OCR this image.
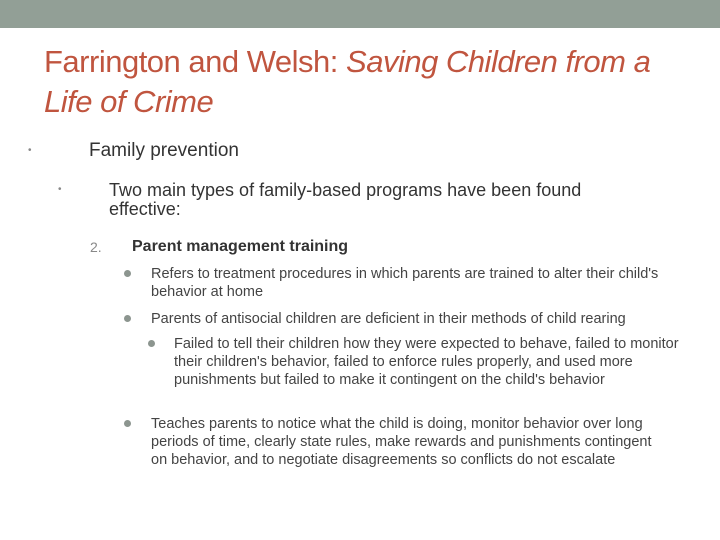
Farrington and Welsh: Saving Children from a Life of Crime
•	Family prevention
•	Two main types of family-based programs have been found effective:
2. Parent management training
Refers to treatment procedures in which parents are trained to alter their child's behavior at home
Parents of antisocial children are deficient in their methods of child rearing
Failed to tell their children how they were expected to behave, failed to monitor their children's behavior, failed to enforce rules properly, and used more punishments but failed to make it contingent on the child's behavior
Teaches parents to notice what the child is doing, monitor behavior over long periods of time, clearly state rules, make rewards and punishments contingent on behavior, and to negotiate disagreements so conflicts do not escalate
